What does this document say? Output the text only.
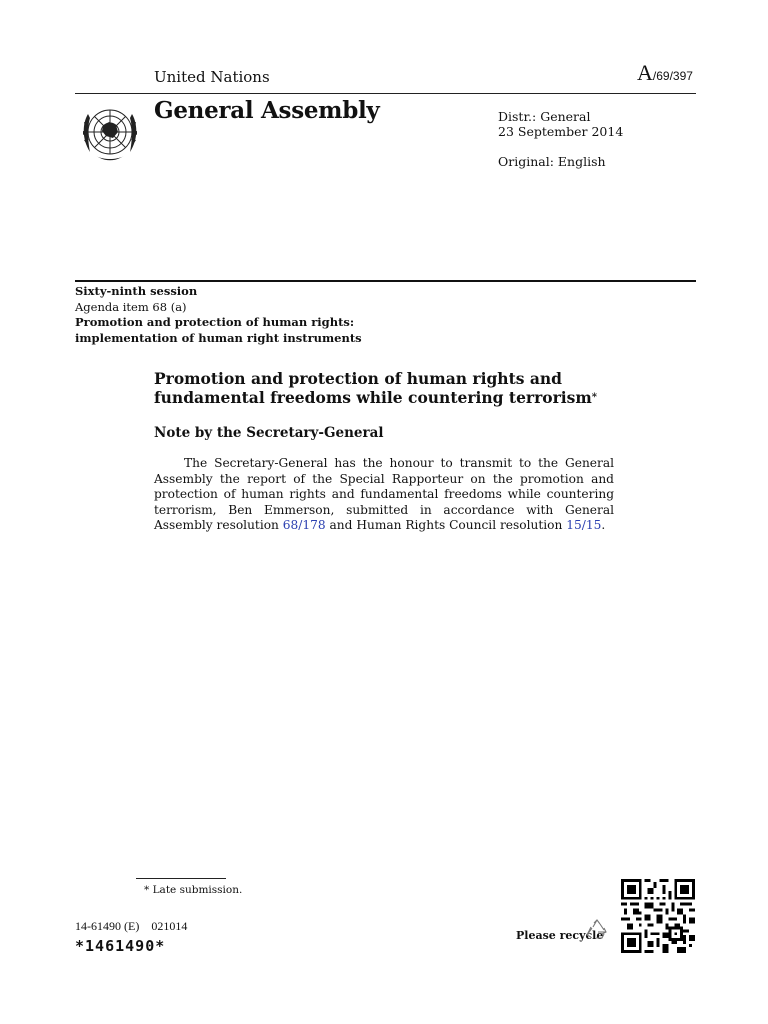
United Nations	A/69/397
General Assembly	Distr.: General
23 September 2014
Original: English
Sixty-ninth session
Agenda item 68 (a)
Promotion and protection of human rights:
implementation of human right instruments
Promotion and protection of human rights and fundamental freedoms while countering terrorism*
Note by the Secretary-General
The Secretary-General has the honour to transmit to the General Assembly the report of the Special Rapporteur on the promotion and protection of human rights and fundamental freedoms while countering terrorism, Ben Emmerson, submitted in accordance with General Assembly resolution 68/178 and Human Rights Council resolution 15/15.
* Late submission.
14-61490 (E)    021014
*1461490*
Please recycle
